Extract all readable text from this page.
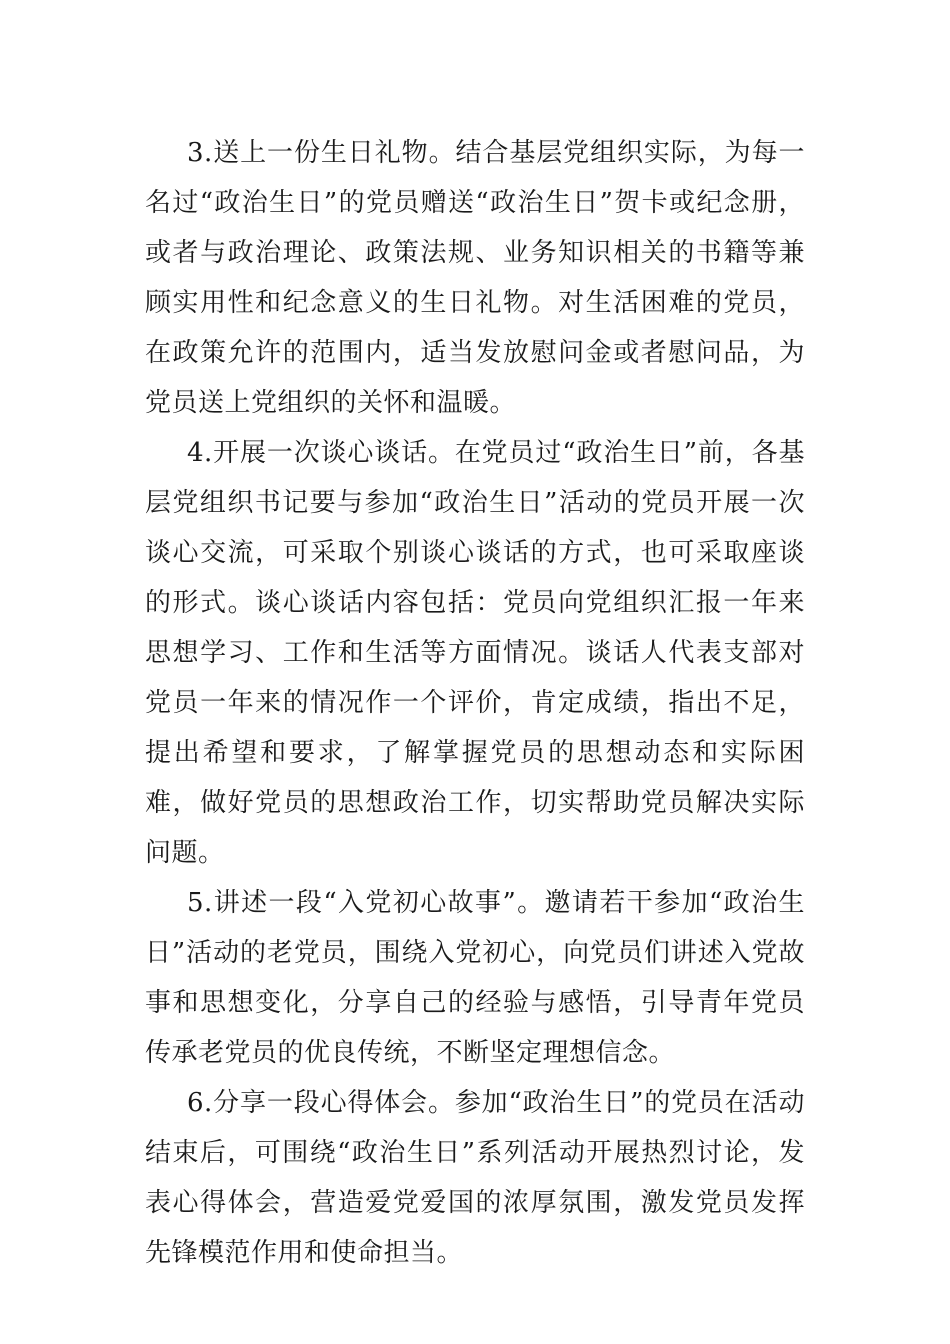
3.送上一份生日礼物。结合基层党组织实际，为每一名过“政治生日”的党员赠送“政治生日”贺卡或纪念册，或者与政治理论、政策法规、业务知识相关的书籍等兼顾实用性和纪念意义的生日礼物。对生活困难的党员，在政策允许的范围内，适当发放慰问金或者慰问品，为党员送上党组织的关怀和温暖。

4.开展一次谈心谈话。在党员过“政治生日”前，各基层党组织书记要与参加“政治生日”活动的党员开展一次谈心交流，可采取个别谈心谈话的方式，也可采取座谈的形式。谈心谈话内容包括：党员向党组织汇报一年来思想学习、工作和生活等方面情况。谈话人代表支部对党员一年来的情况作一个评价，肯定成绩，指出不足，提出希望和要求，了解掌握党员的思想动态和实际困难，做好党员的思想政治工作，切实帮助党员解决实际问题。

5.讲述一段“入党初心故事”。邀请若干参加“政治生日”活动的老党员，围绕入党初心，向党员们讲述入党故事和思想变化，分享自己的经验与感悟，引导青年党员传承老党员的优良传统，不断坚定理想信念。

6.分享一段心得体会。参加“政治生日”的党员在活动结束后，可围绕“政治生日”系列活动开展热烈讨论，发表心得体会，营造爱党爱国的浓厚氛围，激发党员发挥先锋模范作用和使命担当。
